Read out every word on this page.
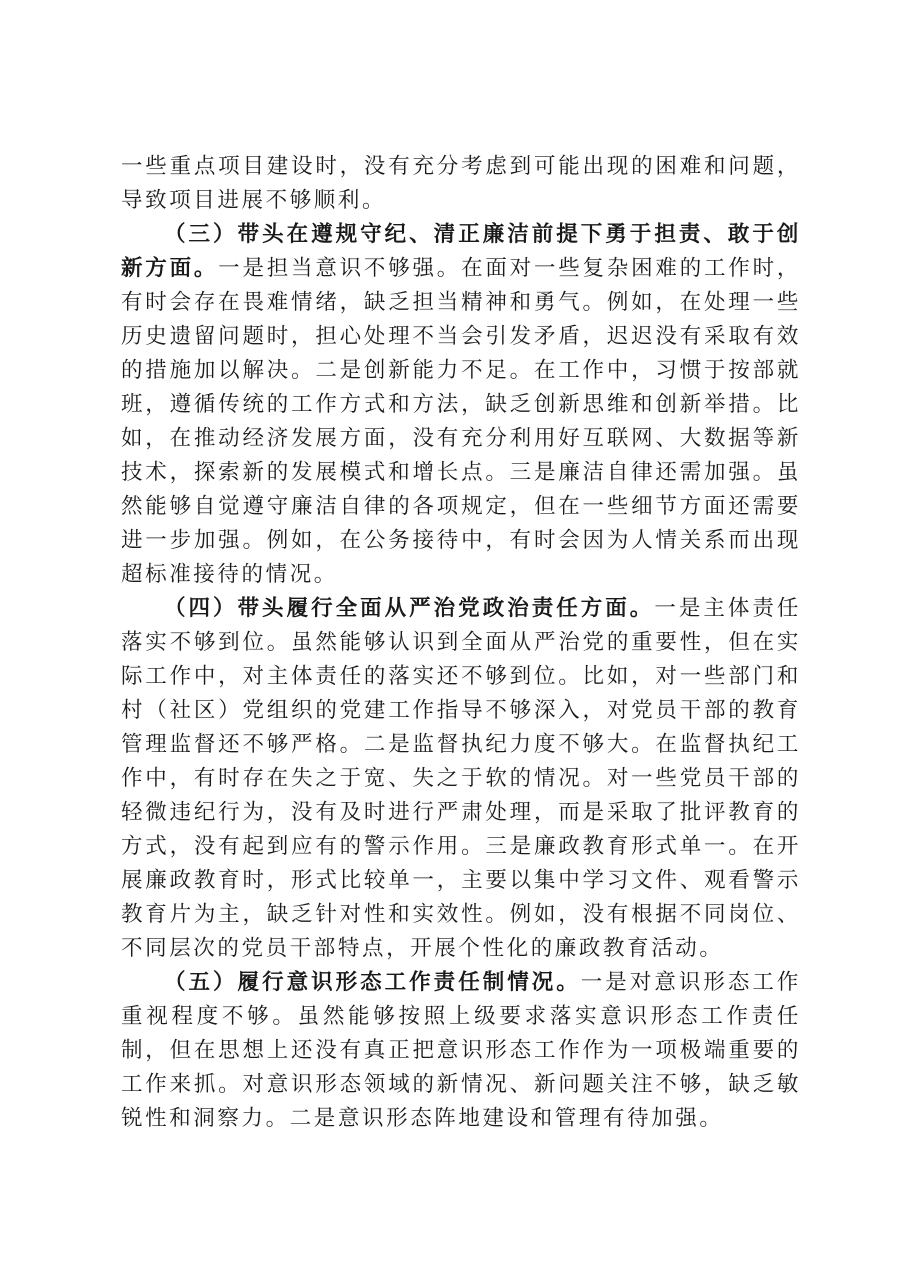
一些重点项目建设时，没有充分考虑到可能出现的困难和问题，导致项目进展不够顺利。

（三）带头在遵规守纪、清正廉洁前提下勇于担责、敢于创新方面。一是担当意识不够强。在面对一些复杂困难的工作时，有时会存在畏难情绪，缺乏担当精神和勇气。例如，在处理一些历史遗留问题时，担心处理不当会引发矛盾，迟迟没有采取有效的措施加以解决。二是创新能力不足。在工作中，习惯于按部就班，遵循传统的工作方式和方法，缺乏创新思维和创新举措。比如，在推动经济发展方面，没有充分利用好互联网、大数据等新技术，探索新的发展模式和增长点。三是廉洁自律还需加强。虽然能够自觉遵守廉洁自律的各项规定，但在一些细节方面还需要进一步加强。例如，在公务接待中，有时会因为人情关系而出现超标准接待的情况。

（四）带头履行全面从严治党政治责任方面。一是主体责任落实不够到位。虽然能够认识到全面从严治党的重要性，但在实际工作中，对主体责任的落实还不够到位。比如，对一些部门和村（社区）党组织的党建工作指导不够深入，对党员干部的教育管理监督还不够严格。二是监督执纪力度不够大。在监督执纪工作中，有时存在失之于宽、失之于软的情况。对一些党员干部的轻微违纪行为，没有及时进行严肃处理，而是采取了批评教育的方式，没有起到应有的警示作用。三是廉政教育形式单一。在开展廉政教育时，形式比较单一，主要以集中学习文件、观看警示教育片为主，缺乏针对性和实效性。例如，没有根据不同岗位、不同层次的党员干部特点，开展个性化的廉政教育活动。

（五）履行意识形态工作责任制情况。一是对意识形态工作重视程度不够。虽然能够按照上级要求落实意识形态工作责任制，但在思想上还没有真正把意识形态工作作为一项极端重要的工作来抓。对意识形态领域的新情况、新问题关注不够，缺乏敏锐性和洞察力。二是意识形态阵地建设和管理有待加强。
